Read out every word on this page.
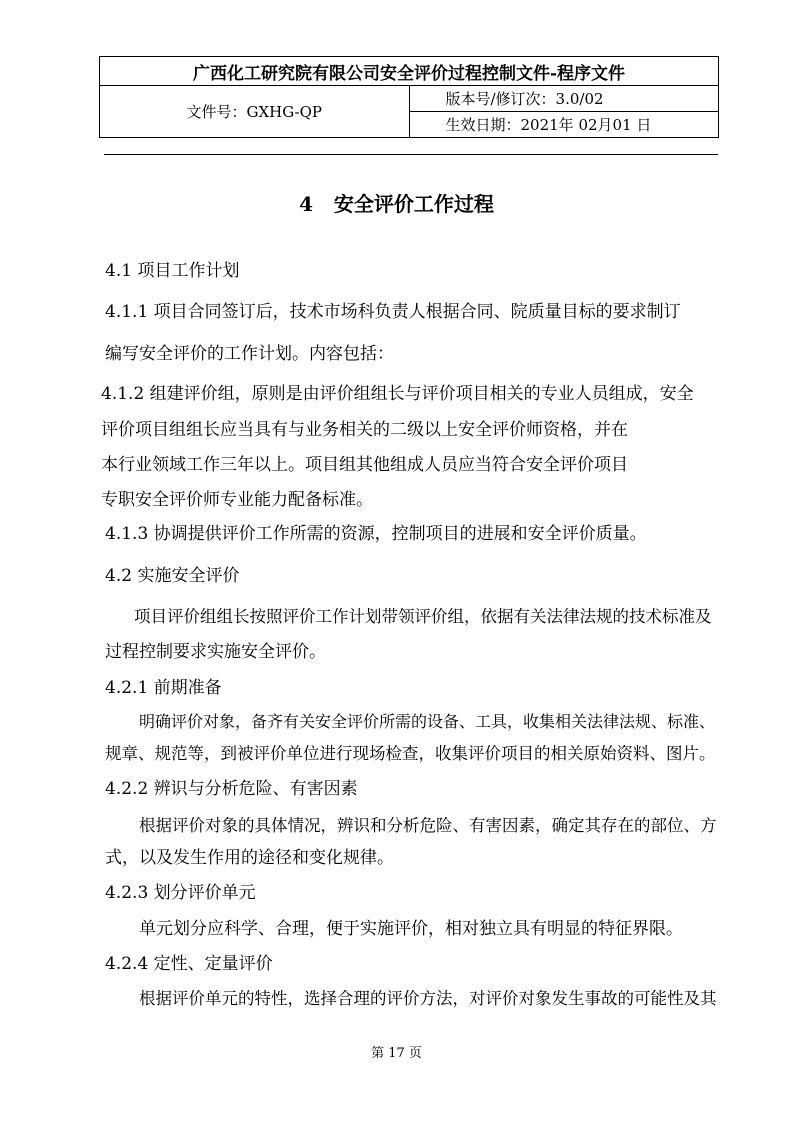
广西化工研究院有限公司安全评价过程控制文件-程序文件
文件号：GXHG-QP	版本号/修订次：3.0/02
生效日期：2021年 02月01 日
4   安全评价工作过程
4.1 项目工作计划
4.1.1 项目合同签订后，技术市场科负责人根据合同、院质量目标的要求制订
编写安全评价的工作计划。内容包括：
4.1.2 组建评价组，原则是由评价组组长与评价项目相关的专业人员组成，安全
评价项目组组长应当具有与业务相关的二级以上安全评价师资格，并在
本行业领域工作三年以上。项目组其他组成人员应当符合安全评价项目
专职安全评价师专业能力配备标准。
4.1.3 协调提供评价工作所需的资源，控制项目的进展和安全评价质量。
4.2 实施安全评价
项目评价组组长按照评价工作计划带领评价组，依据有关法律法规的技术标准及
过程控制要求实施安全评价。
4.2.1 前期准备
明确评价对象，备齐有关安全评价所需的设备、工具，收集相关法律法规、标准、
规章、规范等，到被评价单位进行现场检查，收集评价项目的相关原始资料、图片。
4.2.2 辨识与分析危险、有害因素
根据评价对象的具体情况，辨识和分析危险、有害因素，确定其存在的部位、方
式，以及发生作用的途径和变化规律。
4.2.3 划分评价单元
单元划分应科学、合理，便于实施评价，相对独立具有明显的特征界限。
4.2.4 定性、定量评价
根据评价单元的特性，选择合理的评价方法，对评价对象发生事故的可能性及其
第 17 页
